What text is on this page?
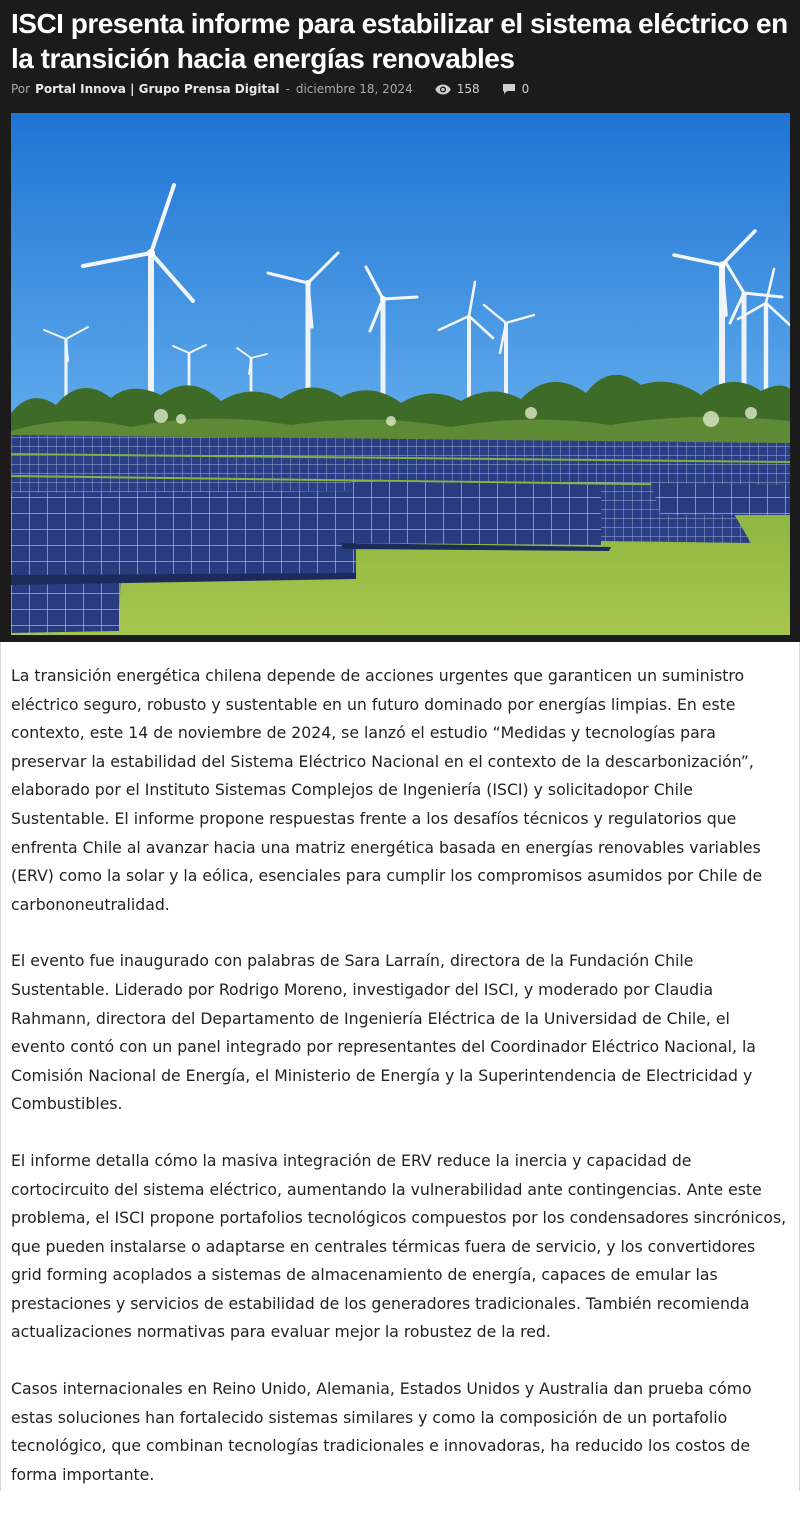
ISCI presenta informe para estabilizar el sistema eléctrico en la transición hacia energías renovables
Por Portal Innova | Grupo Prensa Digital - diciembre 18, 2024	158	0

La transición energética chilena depende de acciones urgentes que garanticen un suministro eléctrico seguro, robusto y sustentable en un futuro dominado por energías limpias. En este contexto, este 14 de noviembre de 2024, se lanzó el estudio “Medidas y tecnologías para preservar la estabilidad del Sistema Eléctrico Nacional en el contexto de la descarbonización”, elaborado por el Instituto Sistemas Complejos de Ingeniería (ISCI) y solicitadopor Chile Sustentable. El informe propone respuestas frente a los desafíos técnicos y regulatorios que enfrenta Chile al avanzar hacia una matriz energética basada en energías renovables variables (ERV) como la solar y la eólica, esenciales para cumplir los compromisos asumidos por Chile de carbononeutralidad.

El evento fue inaugurado con palabras de Sara Larraín, directora de la Fundación Chile Sustentable. Liderado por Rodrigo Moreno, investigador del ISCI, y moderado por Claudia Rahmann, directora del Departamento de Ingeniería Eléctrica de la Universidad de Chile, el evento contó con un panel integrado por representantes del Coordinador Eléctrico Nacional, la Comisión Nacional de Energía, el Ministerio de Energía y la Superintendencia de Electricidad y Combustibles.

El informe detalla cómo la masiva integración de ERV reduce la inercia y capacidad de cortocircuito del sistema eléctrico, aumentando la vulnerabilidad ante contingencias. Ante este problema, el ISCI propone portafolios tecnológicos compuestos por los condensadores sincrónicos, que pueden instalarse o adaptarse en centrales térmicas fuera de servicio, y los convertidores grid forming acoplados a sistemas de almacenamiento de energía, capaces de emular las prestaciones y servicios de estabilidad de los generadores tradicionales. También recomienda actualizaciones normativas para evaluar mejor la robustez de la red.

Casos internacionales en Reino Unido, Alemania, Estados Unidos y Australia dan prueba cómo estas soluciones han fortalecido sistemas similares y como la composición de un portafolio tecnológico, que combinan tecnologías tradicionales e innovadoras, ha reducido los costos de forma importante.
